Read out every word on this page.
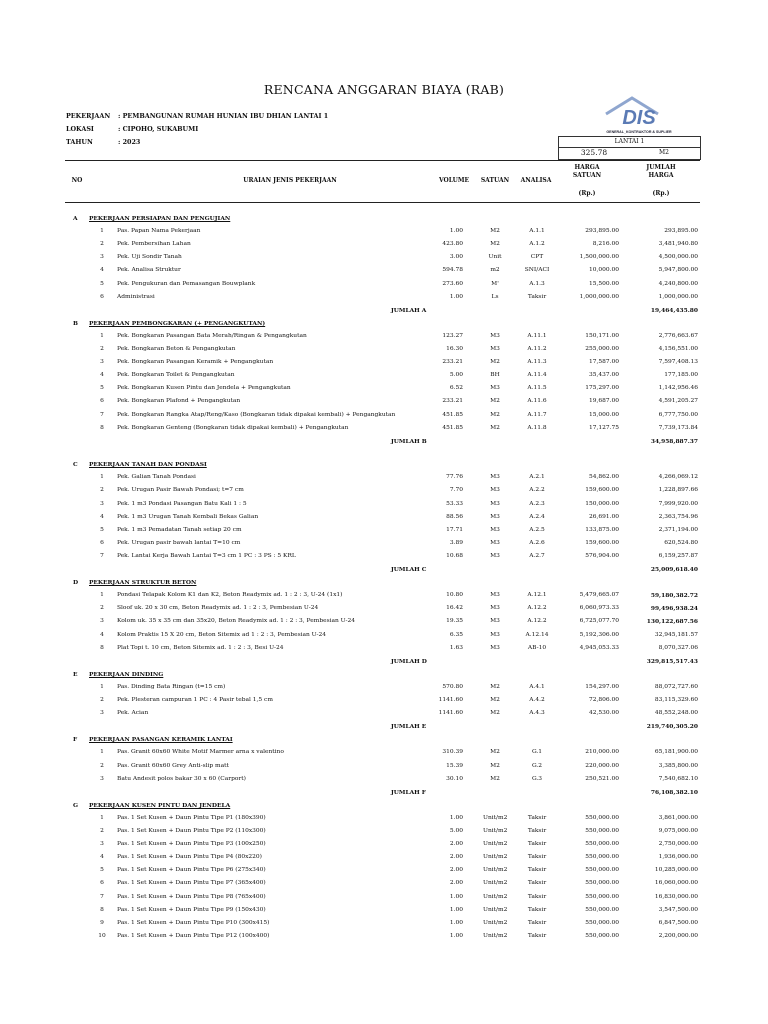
RENCANA ANGGARAN BIAYA (RAB)
PEKERJAAN : PEMBANGUNAN RUMAH HUNIAN IBU DHIAN LANTAI 1
LOKASI	: CIPOHO, SUKABUMI
TAHUN	: 2023
DIS
GENERAL_KONTRAKTOR & SUPLIER
LANTAI 1
325.78	M2
NO	URAIAN JENIS PEKERJAAN	VOLUME	SATUAN	ANALISA
HARGA SATUAN
(Rp.)
JUMLAH HARGA
(Rp.)
A PEKERJAAN PERSIAPAN DAN PENGUJIAN
1	Pas. Papan Nama Pekerjaan	1.00	M2	A.1.1	293,895.00	293,895.00
2	Pek. Pembersihan Lahan	423.80	M2	A.1.2	8,216.00	3,481,940.80
3	Pek. Uji Sondir Tanah	3.00	Unit	CPT	1,500,000.00	4,500,000.00
4	Pek. Analisa Struktur	594.78	m2	SNI/ACI	10,000.00	5,947,800.00
5	Pek. Pengukuran dan Pemasangan Bouwplank	273.60	M'	A.1.3	15,500.00	4,240,800.00
6	Administrasi	1.00	Ls	Taksir	1,000,000.00	1,000,000.00
JUMLAH A	19,464,435.80
B PEKERJAAN PEMBONGKARAN (+ PENGANGKUTAN)
1	Pek. Bongkaran Pasangan Bata Merah/Ringan & Pengangkutan	123.27	M3	A.11.1	150,171.00	2,776,663.67
2	Pek. Bongkaran Beton & Pengangkutan	16.30	M3	A.11.2	255,000.00	4,156,551.00
3	Pek. Bongkaran Pasangan Keramik + Pengangkutan	233.21	M2	A.11.3	17,587.00	7,597,408.13
4	Pek. Bongkaran Toilet & Pengangkutan	5.00	BH	A.11.4	35,437.00	177,185.00
5	Pek. Bongkaran Kusen Pintu dan Jendela + Pengangkutan	6.52	M3	A.11.5	175,297.00	1,142,956.46
6	Pek. Bongkaran Plafond + Pengangkutan	233.21	M2	A.11.6	19,687.00	4,591,205.27
7	Pek. Bongkaran Rangka Atap/Reng/Kaso (Bongkaran tidak dipakai kembali) + Pengangkutan	451.85	M2	A.11.7	15,000.00	6,777,750.00
8	Pek. Bongkaran Genteng (Bongkaran tidak dipakai kembali) + Pengangkutan	451.85	M2	A.11.8	17,127.75	7,739,173.84
JUMLAH B	34,958,887.37
C PEKERJAAN TANAH DAN PONDASI
1	Pek. Galian Tanah Pondasi	77.76	M3	A.2.1	54,862.00	4,266,069.12
2	Pek. Urugan Pasir Bawah Pondasi; t=7 cm	7.70	M3	A.2.2	159,600.00	1,228,897.66
3	Pek. 1 m3 Pondasi Pasangan Batu Kali 1 : 5	53.33	M3	A.2.3	150,000.00	7,999,920.00
4	Pek. 1 m3 Urugan Tanah Kembali Bekas Galian	88.56	M3	A.2.4	26,691.00	2,363,754.96
5	Pek. 1 m3 Pemadatan Tanah setiap 20 cm	17.71	M3	A.2.5	133,875.00	2,371,194.00
6	Pek. Urugan pasir bawah lantai T=10 cm	3.89	M3	A.2.6	159,600.00	620,524.80
7	Pek. Lantai Kerja Bawah Lantai T=3 cm 1 PC : 3 PS : 5 KRL	10.68	M3	A.2.7	576,904.00	6,159,257.87
JUMLAH C	25,009,618.40
D PEKERJAAN STRUKTUR BETON
1	Pondasi Telapak Kolom K1 dan K2, Beton Readymix ad. 1 : 2 : 3, U-24 (1x1)	10.80	M3	A.12.1	5,479,665.07	59,180,382.72
2	Sloof uk. 20 x 30 cm, Beton Readymix ad. 1 : 2 : 3, Pembesian U-24	16.42	M3	A.12.2	6,060,973.33	99,496,938.24
3	Kolom uk. 35 x 35 cm dan 35x20, Beton Readymix ad. 1 : 2 : 3, Pembesian U-24	19.35	M3	A.12.2	6,725,077.70	130,122,687.56
4	Kolom Praktis 15 X 20 cm, Beton Sitemix ad 1 : 2 : 3, Pembesian U-24	6.35	M3	A.12.14	5,192,306.00	32,945,181.57
8	Plat Topi t. 10 cm, Beton Sitemix ad. 1 : 2 : 3, Besi U-24	1.63	M3	AB-10	4,945,053.33	8,070,327.06
JUMLAH D	329,815,517.43
E PEKERJAAN DINDING
1	Pas. Dinding Bata Ringan (t=15 cm)	570.80	M2	A.4.1	154,297.00	88,072,727.60
2	Pek. Plesteran campuran 1 PC : 4 Pasir tebal 1,5 cm	1141.60	M2	A.4.2	72,806.00	83,115,329.60
3	Pek. Acian	1141.60	M2	A.4.3	42,530.00	48,552,248.00
JUMLAH E	219,740,305.20
F PEKERJAAN PASANGAN KERAMIK LANTAI
1	Pas. Granit 60x60 White Motif Marmer arna x valentino	310.39	M2	G.1	210,000.00	65,181,900.00
2	Pas. Granit 60x60 Grey Anti-slip matt	15.39	M2	G.2	220,000.00	3,385,800.00
3	Batu Andesit polos bakar 30 x 60 (Carport)	30.10	M2	G.3	250,521.00	7,540,682.10
JUMLAH F	76,108,382.10
G PEKERJAAN KUSEN PINTU DAN JENDELA
1	Pas. 1 Set Kusen + Daun Pintu Tipe P1 (180x390)	1.00	Unit/m2	Taksir	550,000.00	3,861,000.00
2	Pas. 1 Set Kusen + Daun Pintu Tipe P2 (110x300)	5.00	Unit/m2	Taksir	550,000.00	9,075,000.00
3	Pas. 1 Set Kusen + Daun Pintu Tipe P3 (100x250)	2.00	Unit/m2	Taksir	550,000.00	2,750,000.00
4	Pas. 1 Set Kusen + Daun Pintu Tipe P4 (80x220)	2.00	Unit/m2	Taksir	550,000.00	1,936,000.00
5	Pas. 1 Set Kusen + Daun Pintu Tipe P6 (275x340)	2.00	Unit/m2	Taksir	550,000.00	10,285,000.00
6	Pas. 1 Set Kusen + Daun Pintu Tipe P7 (365x400)	2.00	Unit/m2	Taksir	550,000.00	16,060,000.00
7	Pas. 1 Set Kusen + Daun Pintu Tipe P8 (765x400)	1.00	Unit/m2	Taksir	550,000.00	16,830,000.00
8	Pas. 1 Set Kusen + Daun Pintu Tipe P9 (150x430)	1.00	Unit/m2	Taksir	550,000.00	3,547,500.00
9	Pas. 1 Set Kusen + Daun Pintu Tipe P10 (300x415)	1.00	Unit/m2	Taksir	550,000.00	6,847,500.00
10	Pas. 1 Set Kusen + Daun Pintu Tipe P12 (100x400)	1.00	Unit/m2	Taksir	550,000.00	2,200,000.00
